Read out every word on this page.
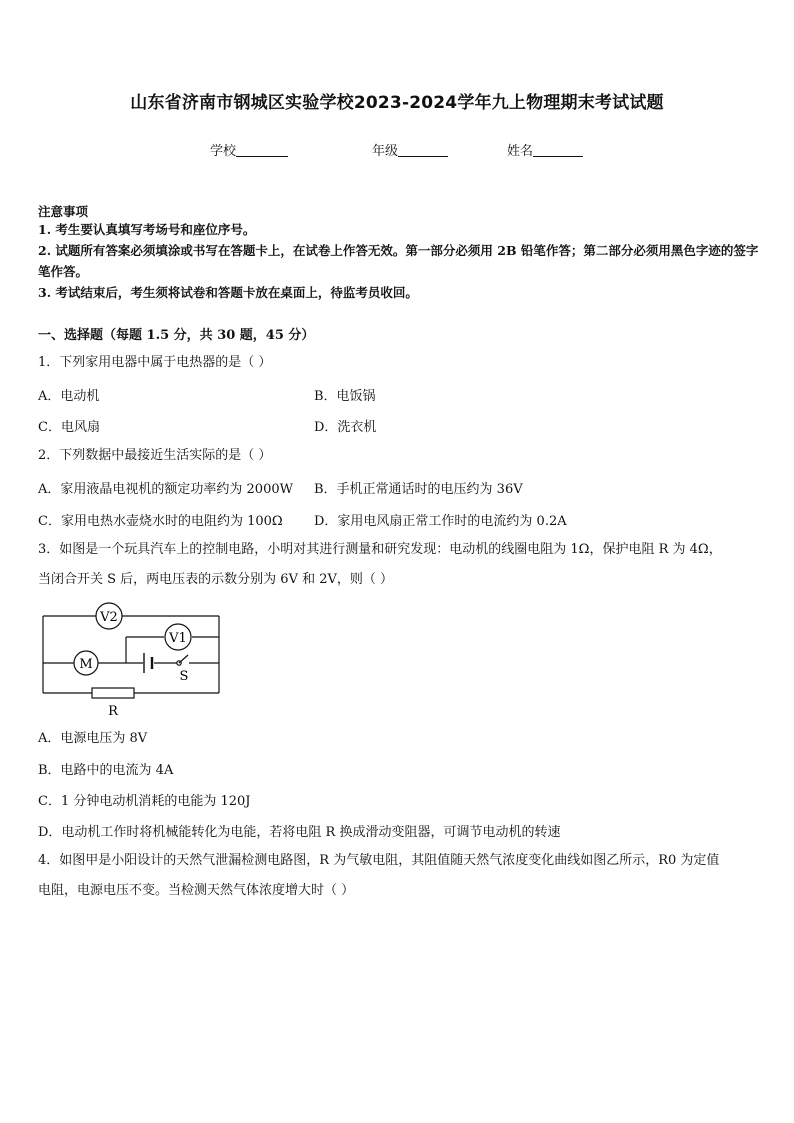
山东省济南市钢城区实验学校2023-2024学年九上物理期末考试试题
学校	年级	姓名
注意事项
1. 考生要认真填写考场号和座位序号。
2. 试题所有答案必须填涂或书写在答题卡上，在试卷上作答无效。第一部分必须用 2B 铅笔作答；第二部分必须用黑色字迹的签字笔作答。
3. 考试结束后，考生须将试卷和答题卡放在桌面上，待监考员收回。
一、选择题（每题 1.5 分，共 30 题，45 分）
1．下列家用电器中属于电热器的是（ ）
A．电动机	B．电饭锅
C．电风扇	D．洗衣机
2．下列数据中最接近生活实际的是（ ）
A．家用液晶电视机的额定功率约为 2000W B．手机正常通话时的电压约为 36V
C．家用电热水壶烧水时的电阻约为 100Ω D．家用电风扇正常工作时的电流约为 0.2A
3．如图是一个玩具汽车上的控制电路，小明对其进行测量和研究发现：电动机的线圈电阻为 1Ω，保护电阻 R 为 4Ω，
当闭合开关 S 后，两电压表的示数分别为 6V 和 2V，则（ ）
V2
V1
M
S
R
A．电源电压为 8V
B．电路中的电流为 4A
C．1 分钟电动机消耗的电能为 120J
D．电动机工作时将机械能转化为电能，若将电阻 R 换成滑动变阻器，可调节电动机的转速
4．如图甲是小阳设计的天然气泄漏检测电路图，R 为气敏电阻，其阻值随天然气浓度变化曲线如图乙所示，R0 为定值
电阻，电源电压不变。当检测天然气体浓度增大时（ ）
